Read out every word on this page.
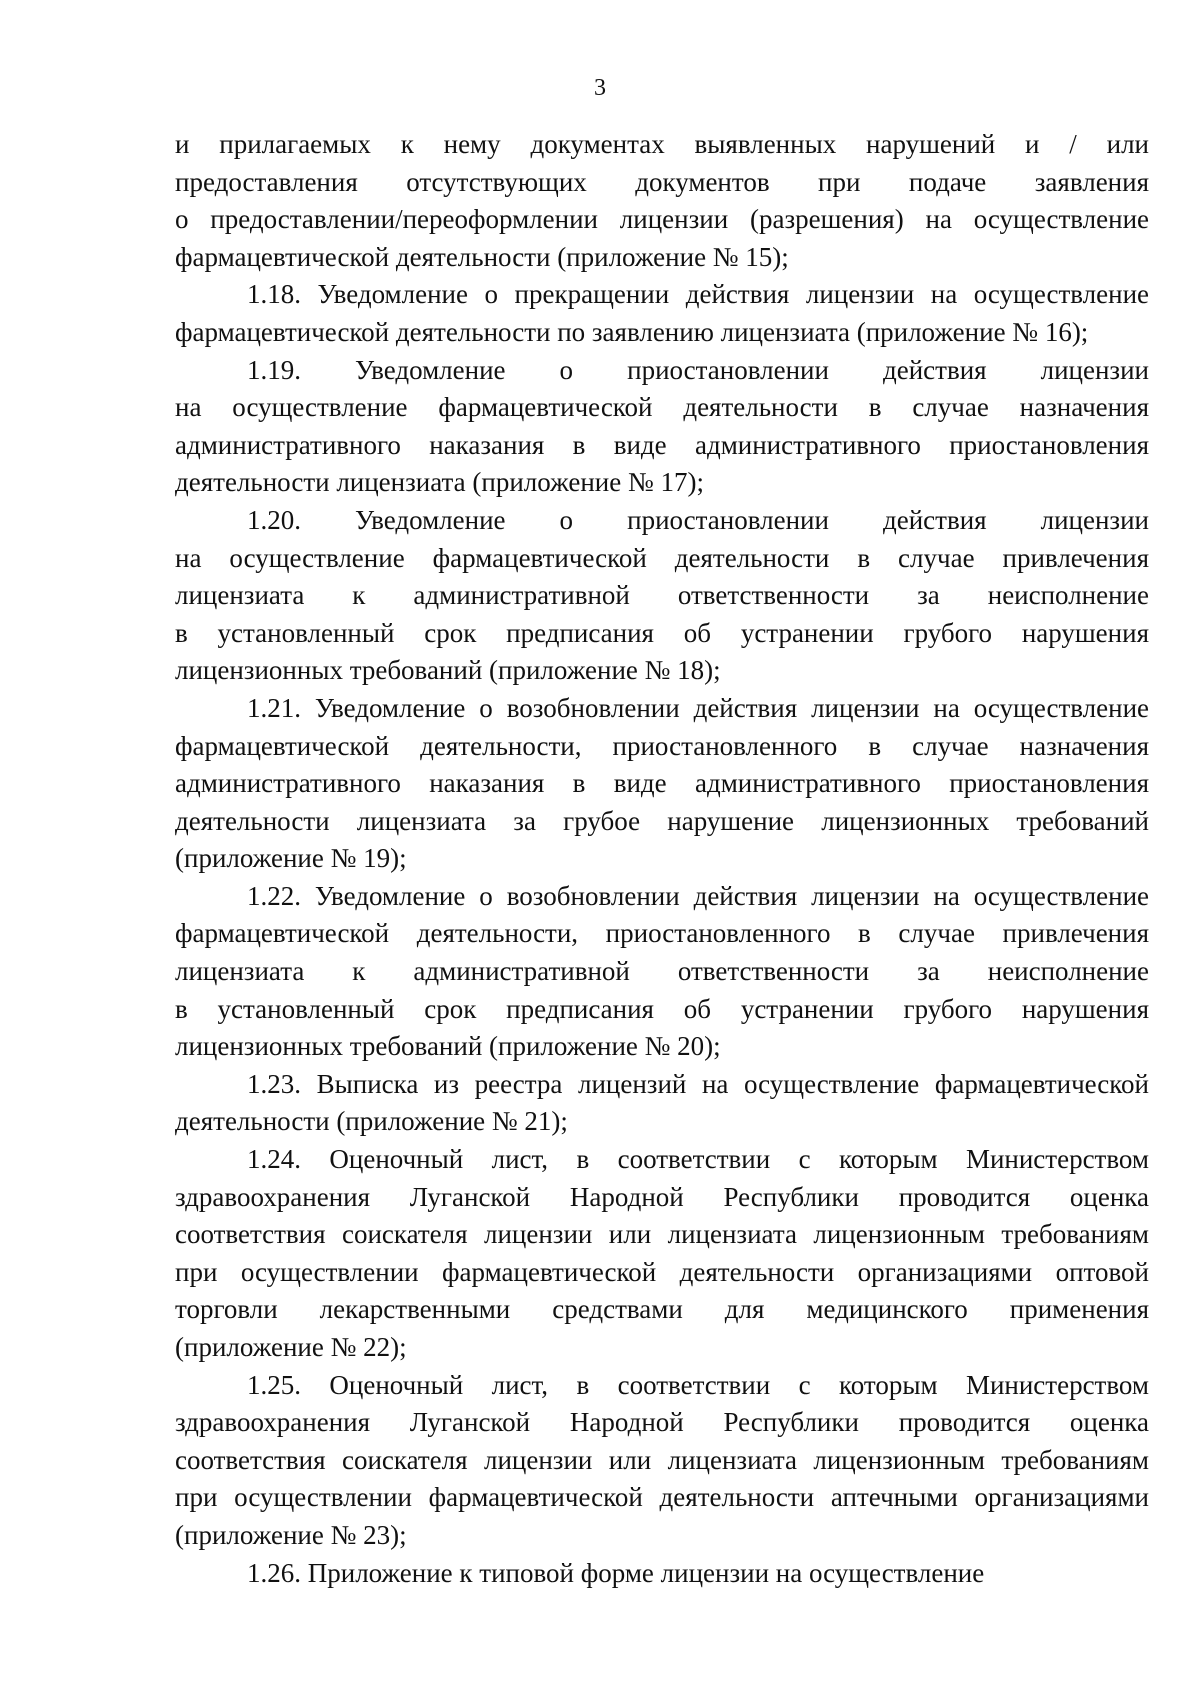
3
и прилагаемых к нему документах выявленных нарушений и / или
предоставления отсутствующих документов при подаче заявления
о предоставлении/переоформлении лицензии (разрешения) на осуществление
фармацевтической деятельности (приложение № 15);
1.18. Уведомление о прекращении действия лицензии на осуществление
фармацевтической деятельности по заявлению лицензиата (приложение № 16);
1.19. Уведомление о приостановлении действия лицензии
на осуществление фармацевтической деятельности в случае назначения
административного наказания в виде административного приостановления
деятельности лицензиата (приложение № 17);
1.20. Уведомление о приостановлении действия лицензии
на осуществление фармацевтической деятельности в случае привлечения
лицензиата к административной ответственности за неисполнение
в установленный срок предписания об устранении грубого нарушения
лицензионных требований (приложение № 18);
1.21. Уведомление о возобновлении действия лицензии на осуществление
фармацевтической деятельности, приостановленного в случае назначения
административного наказания в виде административного приостановления
деятельности лицензиата за грубое нарушение лицензионных требований
(приложение № 19);
1.22. Уведомление о возобновлении действия лицензии на осуществление
фармацевтической деятельности, приостановленного в случае привлечения
лицензиата к административной ответственности за неисполнение
в установленный срок предписания об устранении грубого нарушения
лицензионных требований (приложение № 20);
1.23. Выписка из реестра лицензий на осуществление фармацевтической
деятельности (приложение № 21);
1.24. Оценочный лист, в соответствии с которым Министерством
здравоохранения Луганской Народной Республики проводится оценка
соответствия соискателя лицензии или лицензиата лицензионным требованиям
при осуществлении фармацевтической деятельности организациями оптовой
торговли лекарственными средствами для медицинского применения
(приложение № 22);
1.25. Оценочный лист, в соответствии с которым Министерством
здравоохранения Луганской Народной Республики проводится оценка
соответствия соискателя лицензии или лицензиата лицензионным требованиям
при осуществлении фармацевтической деятельности аптечными организациями
(приложение № 23);
1.26. Приложение к типовой форме лицензии на осуществление
